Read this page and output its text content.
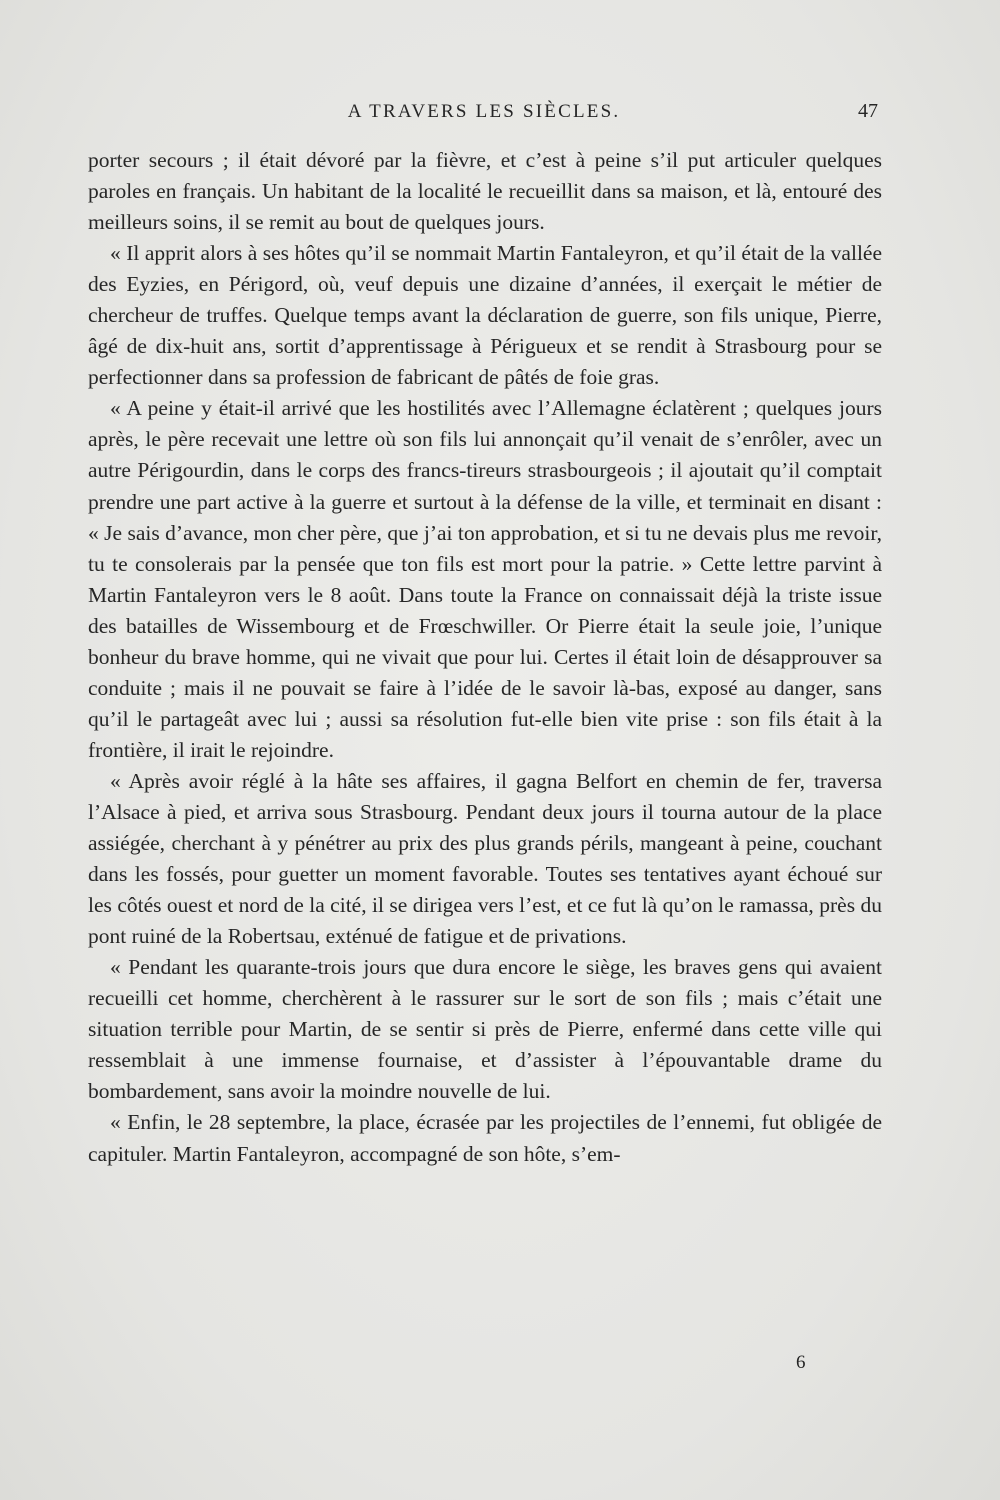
A TRAVERS LES SIÈCLES.	47

porter secours ; il était dévoré par la fièvre, et c’est à peine s’il put articuler quelques paroles en français. Un habitant de la localité le recueillit dans sa maison, et là, entouré des meilleurs soins, il se remit au bout de quelques jours.

« Il apprit alors à ses hôtes qu’il se nommait Martin Fantaleyron, et qu’il était de la vallée des Eyzies, en Périgord, où, veuf depuis une dizaine d’années, il exerçait le métier de chercheur de truffes. Quelque temps avant la déclaration de guerre, son fils unique, Pierre, âgé de dix-huit ans, sortit d’apprentissage à Périgueux et se rendit à Strasbourg pour se perfectionner dans sa profession de fabricant de pâtés de foie gras.

« A peine y était-il arrivé que les hostilités avec l’Allemagne éclatèrent ; quelques jours après, le père recevait une lettre où son fils lui annonçait qu’il venait de s’enrôler, avec un autre Périgourdin, dans le corps des francs-tireurs strasbourgeois ; il ajoutait qu’il comptait prendre une part active à la guerre et surtout à la défense de la ville, et terminait en disant : « Je sais d’avance, mon cher père, que j’ai ton approbation, et si tu ne devais plus me revoir, tu te consolerais par la pensée que ton fils est mort pour la patrie. » Cette lettre parvint à Martin Fantaleyron vers le 8 août. Dans toute la France on connaissait déjà la triste issue des batailles de Wissembourg et de Frœschwiller. Or Pierre était la seule joie, l’unique bonheur du brave homme, qui ne vivait que pour lui. Certes il était loin de désapprouver sa conduite ; mais il ne pouvait se faire à l’idée de le savoir là-bas, exposé au danger, sans qu’il le partageât avec lui ; aussi sa résolution fut-elle bien vite prise : son fils était à la frontière, il irait le rejoindre.

« Après avoir réglé à la hâte ses affaires, il gagna Belfort en chemin de fer, traversa l’Alsace à pied, et arriva sous Strasbourg. Pendant deux jours il tourna autour de la place assiégée, cherchant à y pénétrer au prix des plus grands périls, mangeant à peine, couchant dans les fossés, pour guetter un moment favorable. Toutes ses tentatives ayant échoué sur les côtés ouest et nord de la cité, il se dirigea vers l’est, et ce fut là qu’on le ramassa, près du pont ruiné de la Robertsau, exténué de fatigue et de privations.

« Pendant les quarante-trois jours que dura encore le siège, les braves gens qui avaient recueilli cet homme, cherchèrent à le rassurer sur le sort de son fils ; mais c’était une situation terrible pour Martin, de se sentir si près de Pierre, enfermé dans cette ville qui ressemblait à une immense fournaise, et d’assister à l’épouvantable drame du bombardement, sans avoir la moindre nouvelle de lui.

« Enfin, le 28 septembre, la place, écrasée par les projectiles de l’ennemi, fut obligée de capituler. Martin Fantaleyron, accompagné de son hôte, s’em-

6
